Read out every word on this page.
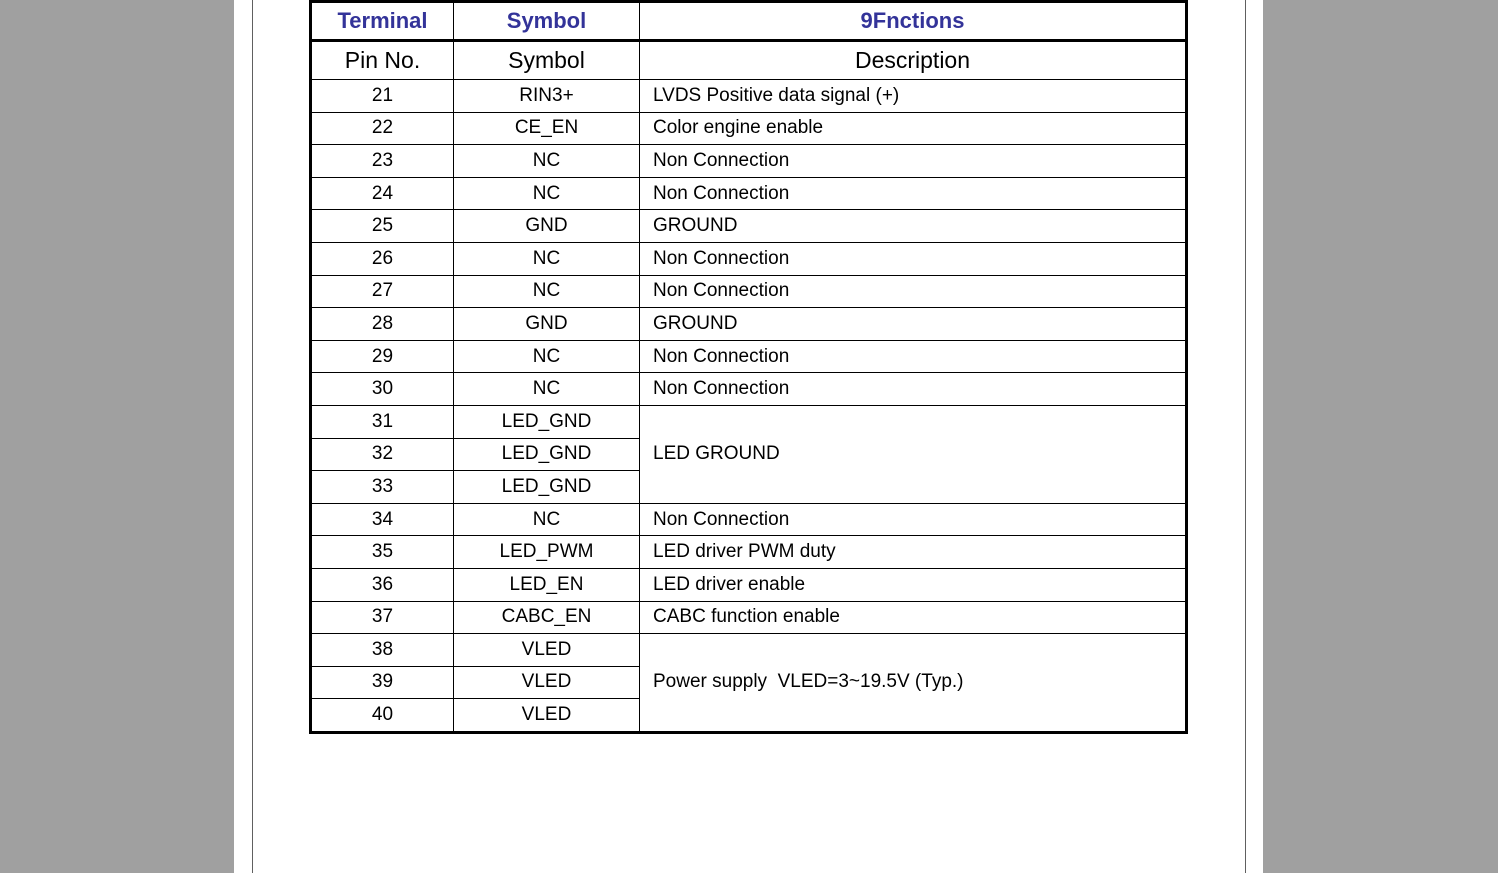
Terminal	Symbol	9Fnctions
Pin No.	Symbol	Description
21	RIN3+	LVDS Positive data signal (+)
22	CE_EN	Color engine enable
23	NC	Non Connection
24	NC	Non Connection
25	GND	GROUND
26	NC	Non Connection
27	NC	Non Connection
28	GND	GROUND
29	NC	Non Connection
30	NC	Non Connection
31	LED_GND	LED GROUND
32	LED_GND	
33	LED_GND	
34	NC	Non Connection
35	LED_PWM	LED driver PWM duty
36	LED_EN	LED driver enable
37	CABC_EN	CABC function enable
38	VLED	Power supply  VLED=3~19.5V (Typ.)
39	VLED	
40	VLED	
